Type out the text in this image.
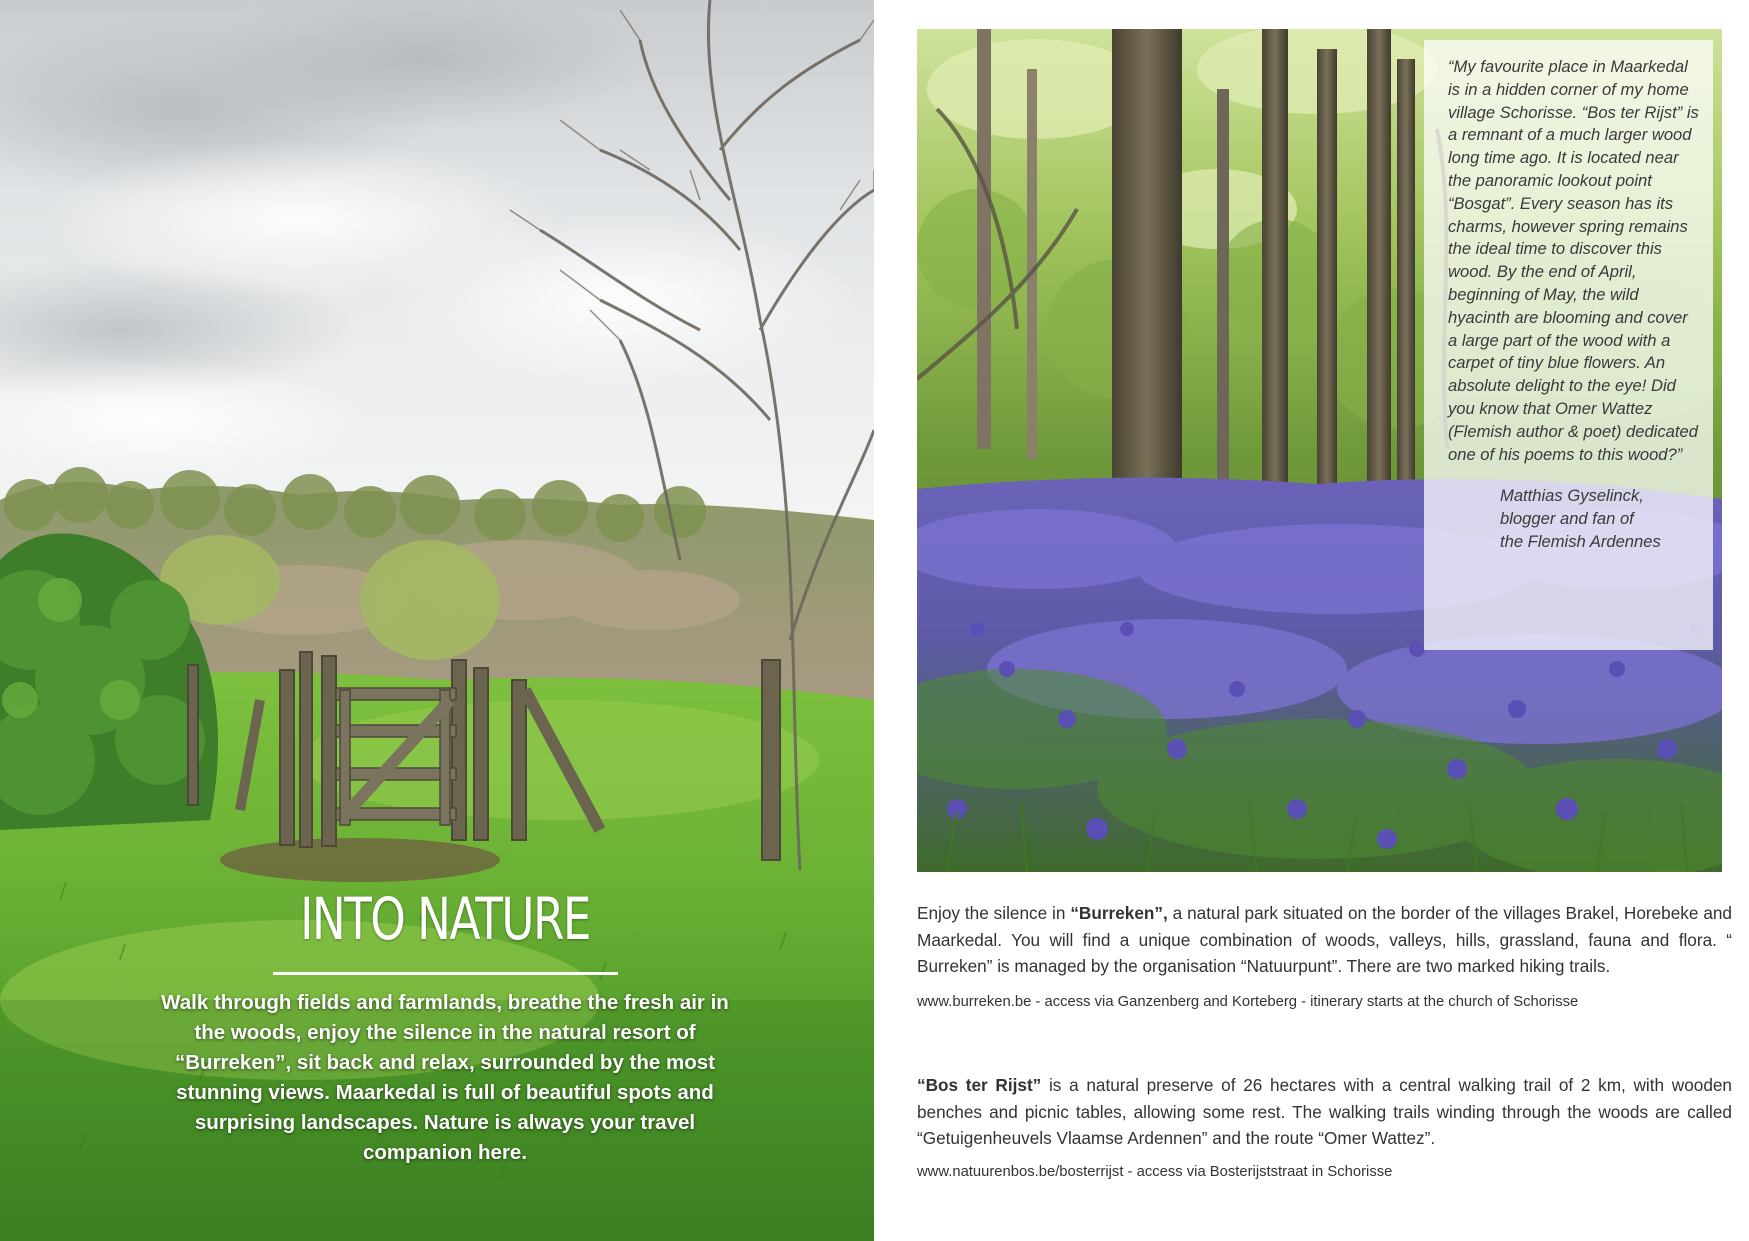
INTO NATURE
Walk through fields and farmlands, breathe the fresh air in the woods, enjoy the silence in the natural resort of “Burreken”, sit back and relax, surrounded by the most stunning views. Maarkedal is full of beautiful spots and surprising landscapes. Nature is always your travel companion here.

“My favourite place in Maarkedal is in a hidden corner of my home village Schorisse. “Bos ter Rijst” is a remnant of a much larger wood long time ago. It is located near the panoramic lookout point “Bosgat”. Every season has its charms, however spring remains the ideal time to discover this wood. By the end of April, beginning of May, the wild hyacinth are blooming and cover a large part of the wood with a carpet of tiny blue flowers. An absolute delight to the eye! Did you know that Omer Wattez (Flemish author & poet) dedicated one of his poems to this wood?”

Matthias Gyselinck,
blogger and fan of
the Flemish Ardennes

Enjoy the silence in “Burreken”, a natural park situated on the border of the villages Brakel, Horebeke and Maarkedal. You will find a unique combination of woods, valleys, hills, grassland, fauna and flora. “ Burreken” is managed by the organisation “Natuurpunt”. There are two marked hiking trails.

www.burreken.be - access via Ganzenberg and Korteberg - itinerary starts at the church of Schorisse

“Bos ter Rijst” is a natural preserve of 26 hectares with a central walking trail of 2 km, with wooden benches and picnic tables, allowing some rest. The walking trails winding through the woods are called “Getuigenheuvels Vlaamse Ardennen” and the route “Omer Wattez”.

www.natuurenbos.be/bosterrijst - access via Bosterijststraat in Schorisse
